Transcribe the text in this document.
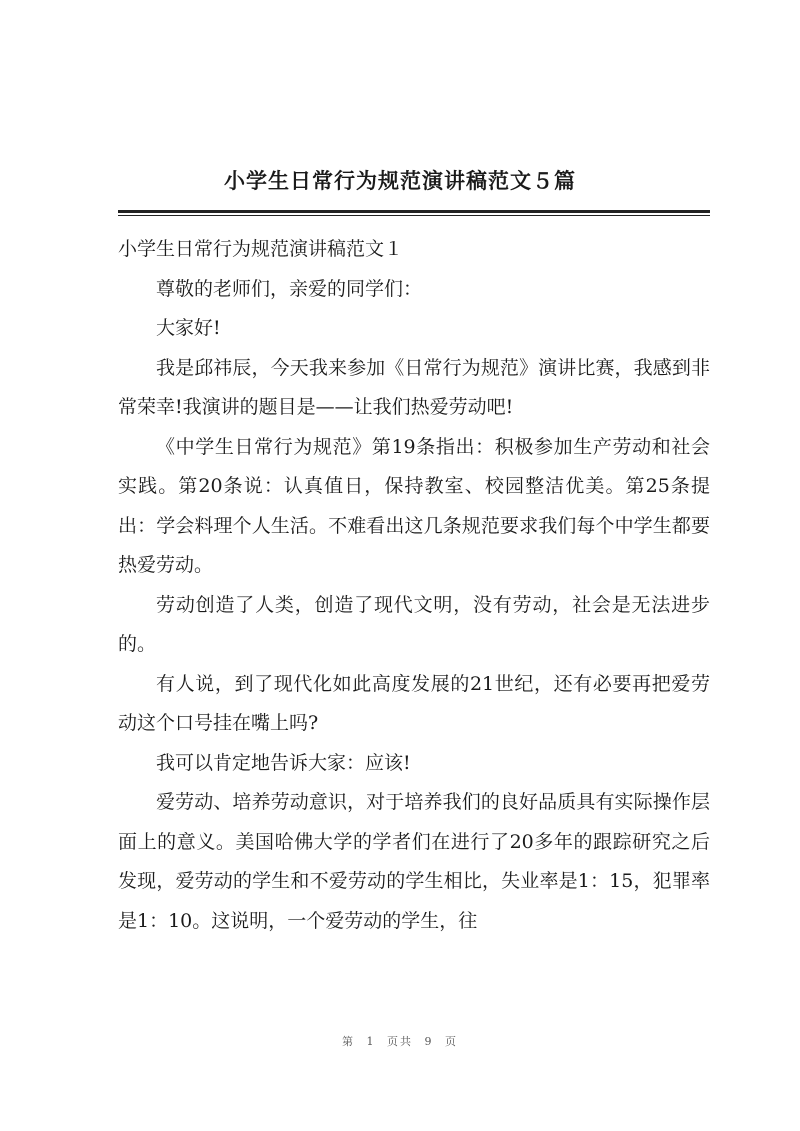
小学生日常行为规范演讲稿范文５篇

小学生日常行为规范演讲稿范文１

尊敬的老师们，亲爱的同学们：

大家好!

我是邱祎辰，今天我来参加《日常行为规范》演讲比赛，我感到非常荣幸!我演讲的题目是——让我们热爱劳动吧!

《中学生日常行为规范》第19条指出：积极参加生产劳动和社会实践。第20条说：认真值日，保持教室、校园整洁优美。第25条提出：学会料理个人生活。不难看出这几条规范要求我们每个中学生都要热爱劳动。

劳动创造了人类，创造了现代文明，没有劳动，社会是无法进步的。

有人说，到了现代化如此高度发展的21世纪，还有必要再把爱劳动这个口号挂在嘴上吗?

我可以肯定地告诉大家：应该!

爱劳动、培养劳动意识，对于培养我们的良好品质具有实际操作层面上的意义。美国哈佛大学的学者们在进行了20多年的跟踪研究之后发现，爱劳动的学生和不爱劳动的学生相比，失业率是1：15，犯罪率是1：10。这说明，一个爱劳动的学生，往

第 1 页共 9 页
